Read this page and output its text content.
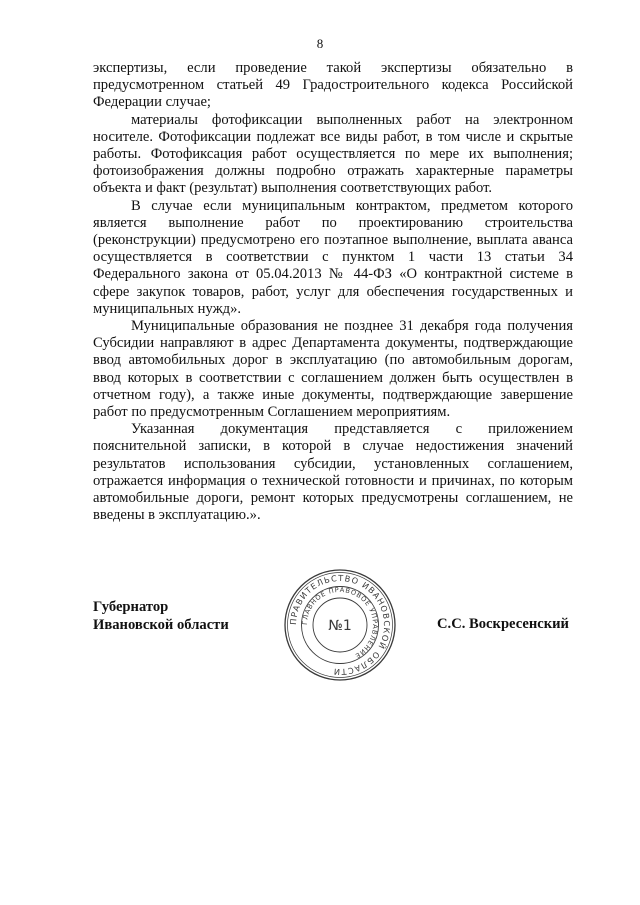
8

экспертизы, если проведение такой экспертизы обязательно в предусмотренном статьей 49 Градостроительного кодекса Российской Федерации случае;

материалы фотофиксации выполненных работ на электронном носителе. Фотофиксации подлежат все виды работ, в том числе и скрытые работы. Фотофиксация работ осуществляется по мере их выполнения; фотоизображения должны подробно отражать характерные параметры объекта и факт (результат) выполнения соответствующих работ.

В случае если муниципальным контрактом, предметом которого является выполнение работ по проектированию строительства (реконструкции) предусмотрено его поэтапное выполнение, выплата аванса осуществляется в соответствии с пунктом 1 части 13 статьи 34 Федерального закона от 05.04.2013 № 44-ФЗ «О контрактной системе в сфере закупок товаров, работ, услуг для обеспечения государственных и муниципальных нужд».

Муниципальные образования не позднее 31 декабря года получения Субсидии направляют в адрес Департамента документы, подтверждающие ввод автомобильных дорог в эксплуатацию (по автомобильным дорогам, ввод которых в соответствии с соглашением должен быть осуществлен в отчетном году), а также иные документы, подтверждающие завершение работ по предусмотренным Соглашением мероприятиям.

Указанная документация представляется с приложением пояснительной записки, в которой в случае недостижения значений результатов использования субсидии, установленных соглашением, отражается информация о технической готовности и причинах, по которым автомобильные дороги, ремонт которых предусмотрены соглашением, не введены в эксплуатацию.».

Губернатор
Ивановской области	С.С. Воскресенский
ПРАВИТЕЛЬСТВО ИВАНОВСКОЙ ОБЛАСТИ
ГЛАВНОЕ ПРАВОВОЕ УПРАВЛЕНИЕ
№1
